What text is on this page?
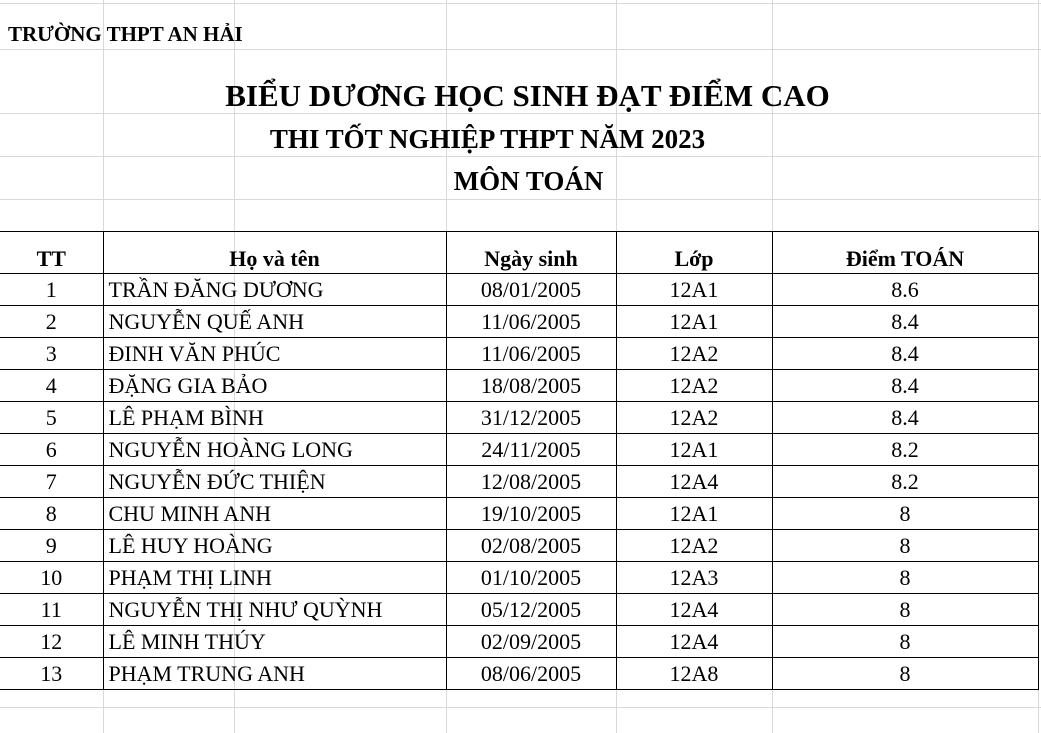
TRƯỜNG THPT AN HẢI
BIỂU DƯƠNG HỌC SINH ĐẠT ĐIỂM CAO
THI TỐT NGHIỆP THPT NĂM 2023
MÔN TOÁN
TT	Họ và tên	Ngày sinh	Lớp	Điểm TOÁN
1	TRẦN ĐĂNG DƯƠNG	08/01/2005	12A1	8.6
2	NGUYỄN QUẾ ANH	11/06/2005	12A1	8.4
3	ĐINH VĂN PHÚC	11/06/2005	12A2	8.4
4	ĐẶNG GIA BẢO	18/08/2005	12A2	8.4
5	LÊ PHẠM BÌNH	31/12/2005	12A2	8.4
6	NGUYỄN HOÀNG LONG	24/11/2005	12A1	8.2
7	NGUYỄN ĐỨC THIỆN	12/08/2005	12A4	8.2
8	CHU MINH ANH	19/10/2005	12A1	8
9	LÊ HUY HOÀNG	02/08/2005	12A2	8
10	PHẠM THỊ LINH	01/10/2005	12A3	8
11	NGUYỄN THỊ NHƯ QUỲNH	05/12/2005	12A4	8
12	LÊ MINH THÚY	02/09/2005	12A4	8
13	PHẠM TRUNG ANH	08/06/2005	12A8	8
